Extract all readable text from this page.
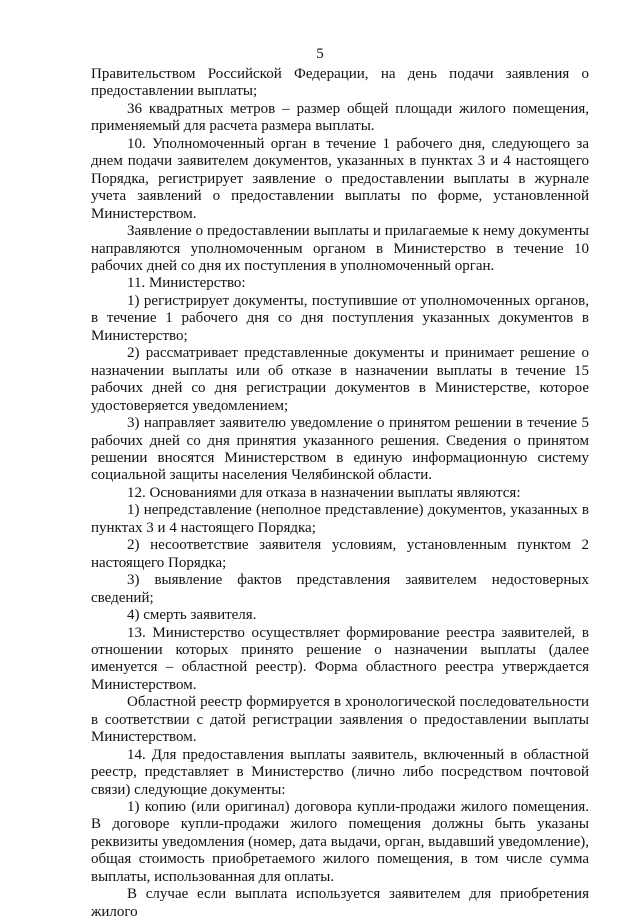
5

Правительством Российской Федерации, на день подачи заявления о предоставлении выплаты;

36 квадратных метров – размер общей площади жилого помещения, применяемый для расчета размера выплаты.

10. Уполномоченный орган в течение 1 рабочего дня, следующего за днем подачи заявителем документов, указанных в пунктах 3 и 4 настоящего Порядка, регистрирует заявление о предоставлении выплаты в журнале учета заявлений о предоставлении выплаты по форме, установленной Министерством.

Заявление о предоставлении выплаты и прилагаемые к нему документы направляются уполномоченным органом в Министерство в течение 10 рабочих дней со дня их поступления в уполномоченный орган.

11. Министерство:

1) регистрирует документы, поступившие от уполномоченных органов, в течение 1 рабочего дня со дня поступления указанных документов в Министерство;

2) рассматривает представленные документы и принимает решение о назначении выплаты или об отказе в назначении выплаты в течение 15 рабочих дней со дня регистрации документов в Министерстве, которое удостоверяется уведомлением;

3) направляет заявителю уведомление о принятом решении в течение 5 рабочих дней со дня принятия указанного решения. Сведения о принятом решении вносятся Министерством в единую информационную систему социальной защиты населения Челябинской области.

12. Основаниями для отказа в назначении выплаты являются:

1) непредставление (неполное представление) документов, указанных в пунктах 3 и 4 настоящего Порядка;

2) несоответствие заявителя условиям, установленным пунктом 2 настоящего Порядка;

3) выявление фактов представления заявителем недостоверных сведений;

4) смерть заявителя.

13. Министерство осуществляет формирование реестра заявителей, в отношении которых принято решение о назначении выплаты (далее именуется – областной реестр). Форма областного реестра утверждается Министерством.

Областной реестр формируется в хронологической последовательности в соответствии с датой регистрации заявления о предоставлении выплаты Министерством.

14. Для предоставления выплаты заявитель, включенный в областной реестр, представляет в Министерство (лично либо посредством почтовой связи) следующие документы:

1) копию (или оригинал) договора купли-продажи жилого помещения. В договоре купли-продажи жилого помещения должны быть указаны реквизиты уведомления (номер, дата выдачи, орган, выдавший уведомление), общая стоимость приобретаемого жилого помещения, в том числе сумма выплаты, использованная для оплаты.

В случае если выплата используется заявителем для приобретения жилого
